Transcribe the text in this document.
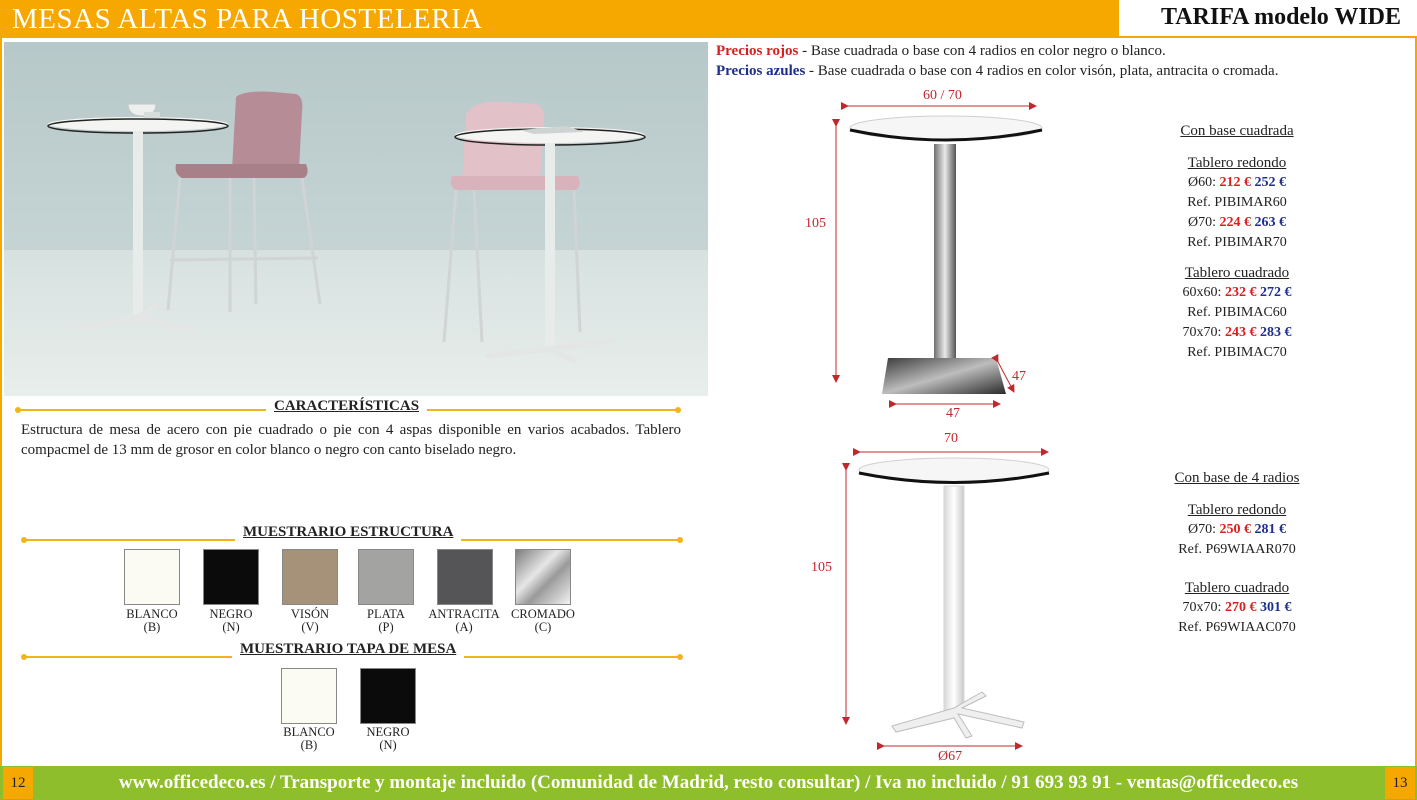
MESAS ALTAS PARA HOSTELERIA	TARIFA modelo WIDE
CARACTERÍSTICAS
Estructura de mesa de acero con pie cuadrado o pie con 4 aspas disponible en varios acabados. Tablero compacmel de 13 mm de grosor en color blanco o negro con canto biselado negro.
MUESTRARIO ESTRUCTURA
BLANCO
(B)
NEGRO
(N)
VISÓN
(V)
PLATA
(P)
ANTRACITA
(A)
CROMADO
(C)
MUESTRARIO TAPA DE MESA
BLANCO
(B)
NEGRO
(N)
Precios rojos - Base cuadrada o base con 4 radios en color negro o blanco.
Precios azules - Base cuadrada o base con 4 radios en color visón, plata, antracita o cromada.
60 / 70
105
47
47
70
105
Ø67
Con base cuadrada
Tablero redondo
Ø60: 212 € 252 €
Ref. PIBIMAR60
Ø70: 224 € 263 €
Ref. PIBIMAR70
Tablero cuadrado
60x60: 232 € 272 €
Ref. PIBIMAC60
70x70: 243 € 283 €
Ref. PIBIMAC70
Con base de 4 radios
Tablero redondo
Ø70: 250 € 281 €
Ref. P69WIAAR070
Tablero cuadrado
70x70: 270 € 301 €
Ref. P69WIAAC070
www.officedeco.es / Transporte y montaje incluido (Comunidad de Madrid, resto consultar) / Iva no incluido / 91 693 93 91 - ventas@officedeco.es
12	13
